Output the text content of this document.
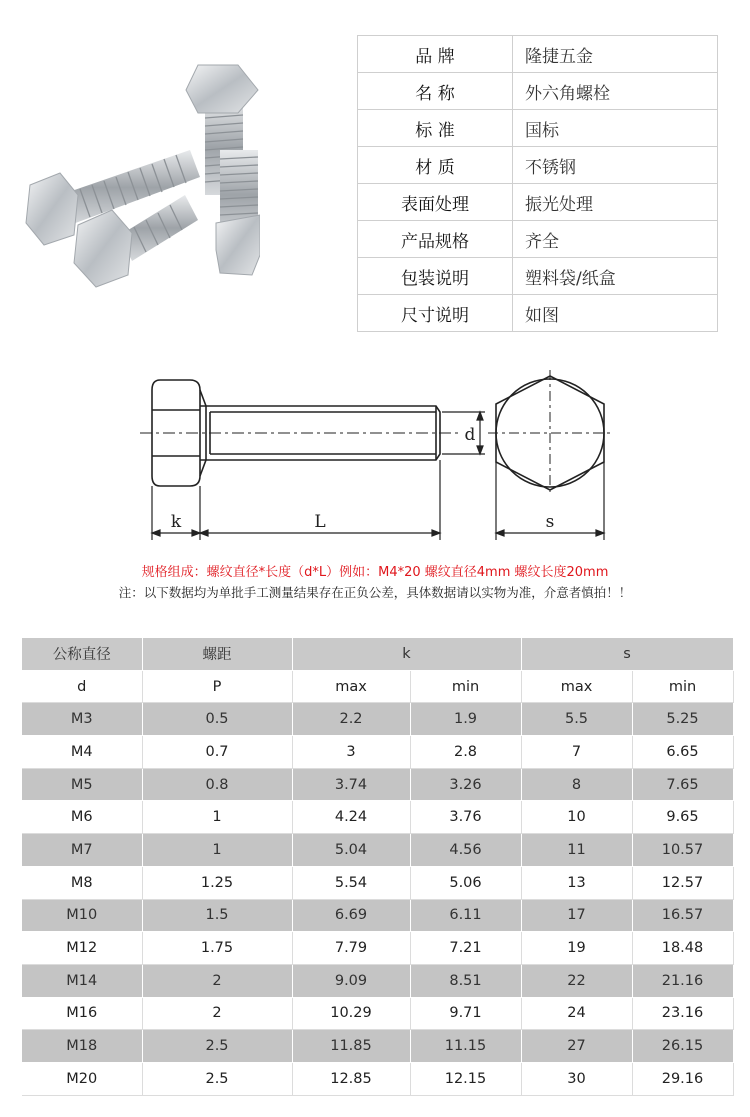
品 牌	隆捷五金
名 称	外六角螺栓
标 准	国标
材 质	不锈钢
表面处理	振光处理
产品规格	齐全
包装说明	塑料袋/纸盒
尺寸说明	如图
k	L
d
s
规格组成：螺纹直径*长度（d*L）例如：M4*20 螺纹直径4mm 螺纹长度20mm
注：以下数据均为单批手工测量结果存在正负公差，具体数据请以实物为准，介意者慎拍！！
公称直径	螺距	k		s	
d	P	max	min	max	min
M3	0.5	2.2	1.9	5.5	5.25
M4	0.7	3	2.8	7	6.65
M5	0.8	3.74	3.26	8	7.65
M6	1	4.24	3.76	10	9.65
M7	1	5.04	4.56	11	10.57
M8	1.25	5.54	5.06	13	12.57
M10	1.5	6.69	6.11	17	16.57
M12	1.75	7.79	7.21	19	18.48
M14	2	9.09	8.51	22	21.16
M16	2	10.29	9.71	24	23.16
M18	2.5	11.85	11.15	27	26.15
M20	2.5	12.85	12.15	30	29.16
